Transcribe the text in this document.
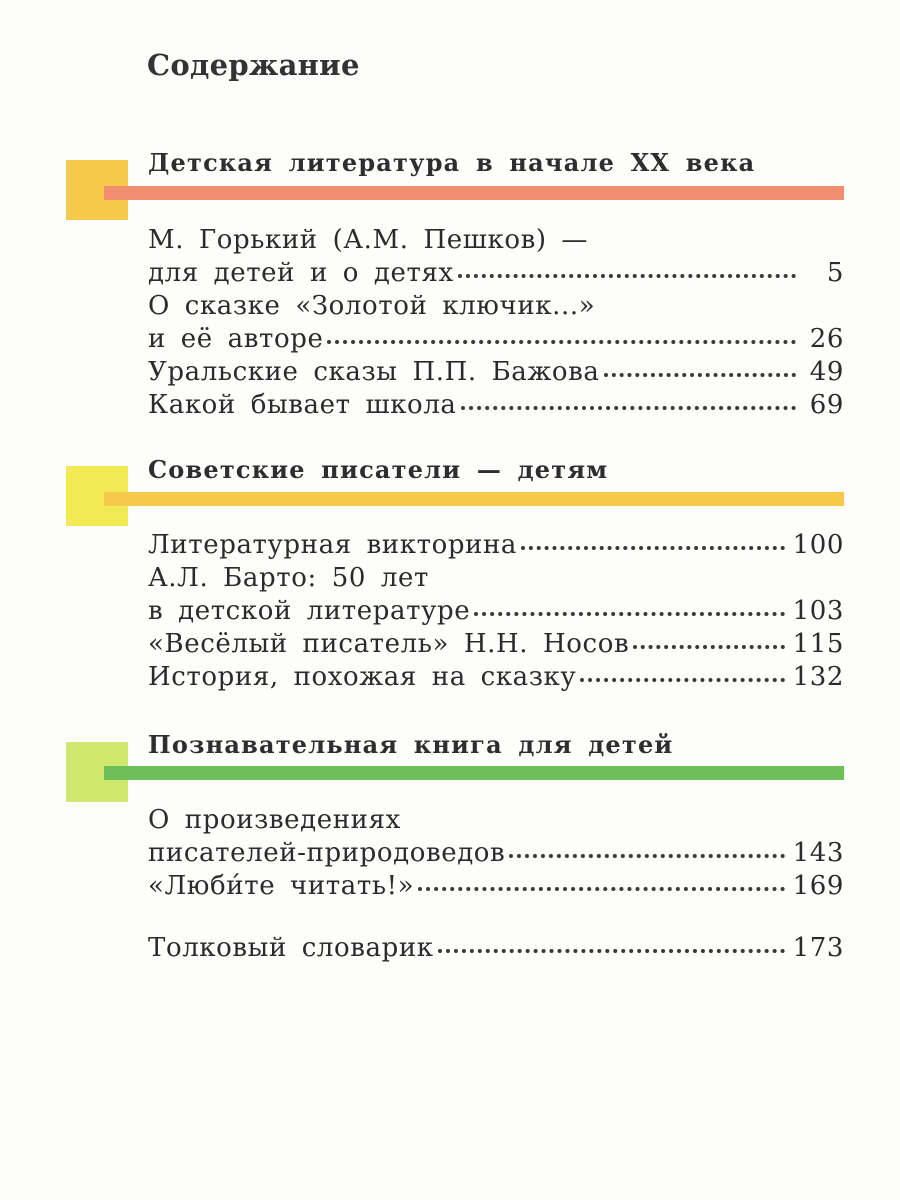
Содержание
Детская литература в начале XX века
М. Горький (А.М. Пешков) —
для детей и о детях	5
О сказке «Золотой ключик...»
и её авторе	26
Уральские сказы П.П. Бажова	49
Какой бывает школа	69
Советские писатели — детям
Литературная викторина	100
А.Л. Барто: 50 лет
в детской литературе	103
«Весёлый писатель» Н.Н. Носов	115
История, похожая на сказку	132
Познавательная книга для детей
О произведениях
писателей-природоведов	143
«Люби́те читать!»	169
Толковый словарик	173
